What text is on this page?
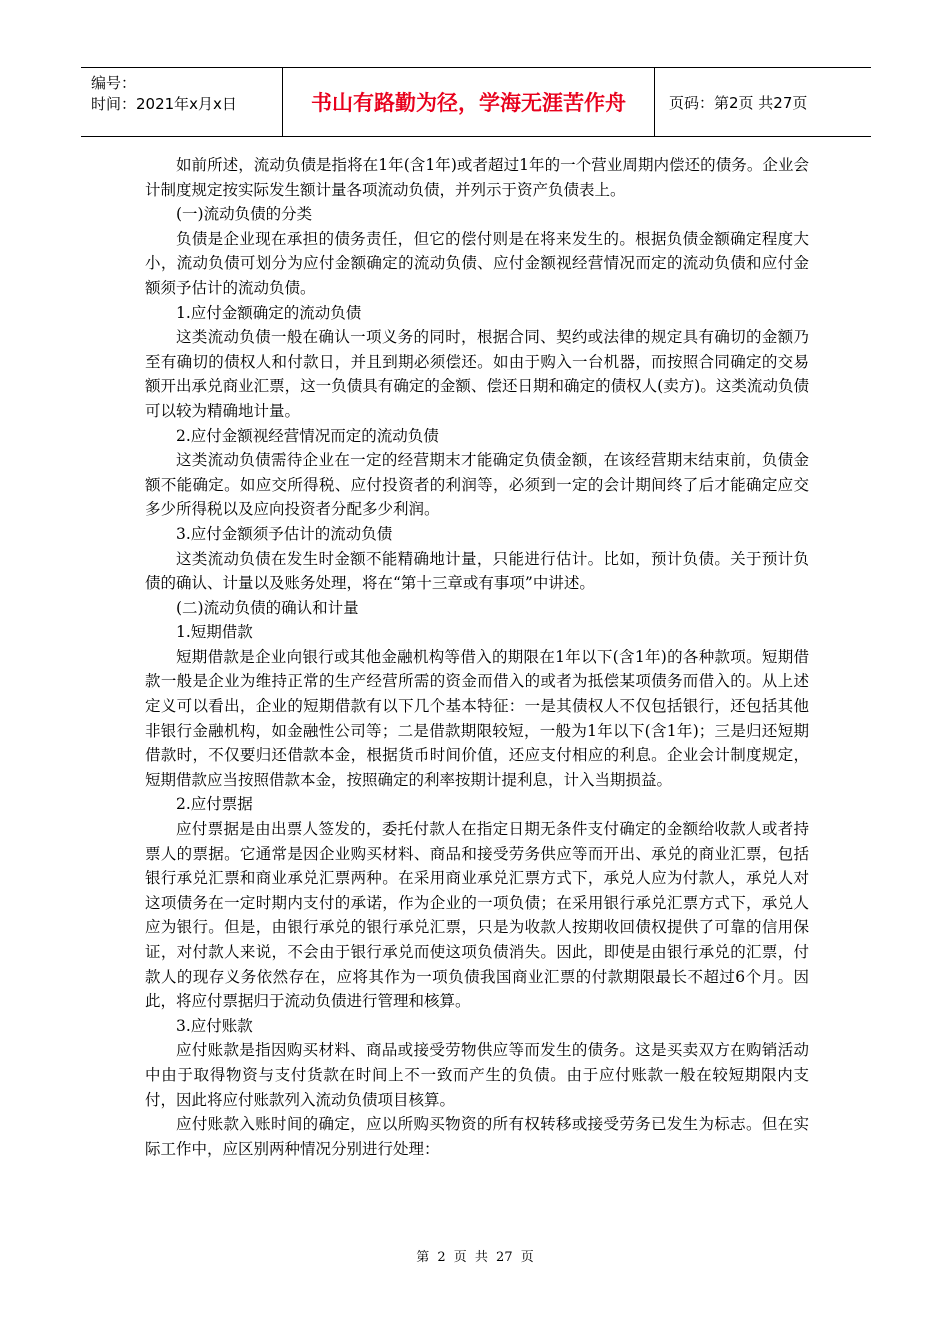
编号：
时间：2021年x月x日	书山有路勤为径，学海无涯苦作舟	页码：第2页 共27页

如前所述，流动负债是指将在1年(含1年)或者超过1年的一个营业周期内偿还的债务。企业会计制度规定按实际发生额计量各项流动负债，并列示于资产负债表上。

(一)流动负债的分类

负债是企业现在承担的债务责任，但它的偿付则是在将来发生的。根据负债金额确定程度大小，流动负债可划分为应付金额确定的流动负债、应付金额视经营情况而定的流动负债和应付金额须予估计的流动负债。

1.应付金额确定的流动负债

这类流动负债一般在确认一项义务的同时，根据合同、契约或法律的规定具有确切的金额乃至有确切的债权人和付款日，并且到期必须偿还。如由于购入一台机器，而按照合同确定的交易额开出承兑商业汇票，这一负债具有确定的金额、偿还日期和确定的债权人(卖方)。这类流动负债可以较为精确地计量。

2.应付金额视经营情况而定的流动负债

这类流动负债需待企业在一定的经营期末才能确定负债金额，在该经营期末结束前，负债金额不能确定。如应交所得税、应付投资者的利润等，必须到一定的会计期间终了后才能确定应交多少所得税以及应向投资者分配多少利润。

3.应付金额须予估计的流动负债

这类流动负债在发生时金额不能精确地计量，只能进行估计。比如，预计负债。关于预计负债的确认、计量以及账务处理，将在“第十三章或有事项”中讲述。

(二)流动负债的确认和计量

1.短期借款

短期借款是企业向银行或其他金融机构等借入的期限在1年以下(含1年)的各种款项。短期借款一般是企业为维持正常的生产经营所需的资金而借入的或者为抵偿某项债务而借入的。从上述定义可以看出，企业的短期借款有以下几个基本特征：一是其债权人不仅包括银行，还包括其他非银行金融机构，如金融性公司等；二是借款期限较短，一般为1年以下(含1年)；三是归还短期借款时，不仅要归还借款本金，根据货币时间价值，还应支付相应的利息。企业会计制度规定，短期借款应当按照借款本金，按照确定的利率按期计提利息，计入当期损益。

2.应付票据

应付票据是由出票人签发的，委托付款人在指定日期无条件支付确定的金额给收款人或者持票人的票据。它通常是因企业购买材料、商品和接受劳务供应等而开出、承兑的商业汇票，包括银行承兑汇票和商业承兑汇票两种。在采用商业承兑汇票方式下，承兑人应为付款人，承兑人对这项债务在一定时期内支付的承诺，作为企业的一项负债；在采用银行承兑汇票方式下，承兑人应为银行。但是，由银行承兑的银行承兑汇票，只是为收款人按期收回债权提供了可靠的信用保证，对付款人来说，不会由于银行承兑而使这项负债消失。因此，即使是由银行承兑的汇票，付款人的现存义务依然存在，应将其作为一项负债我国商业汇票的付款期限最长不超过6个月。因此，将应付票据归于流动负债进行管理和核算。

3.应付账款

应付账款是指因购买材料、商品或接受劳物供应等而发生的债务。这是买卖双方在购销活动中由于取得物资与支付货款在时间上不一致而产生的负债。由于应付账款一般在较短期限内支付，因此将应付账款列入流动负债项目核算。

应付账款入账时间的确定，应以所购买物资的所有权转移或接受劳务已发生为标志。但在实际工作中，应区别两种情况分别进行处理：

第 2 页 共 27 页
